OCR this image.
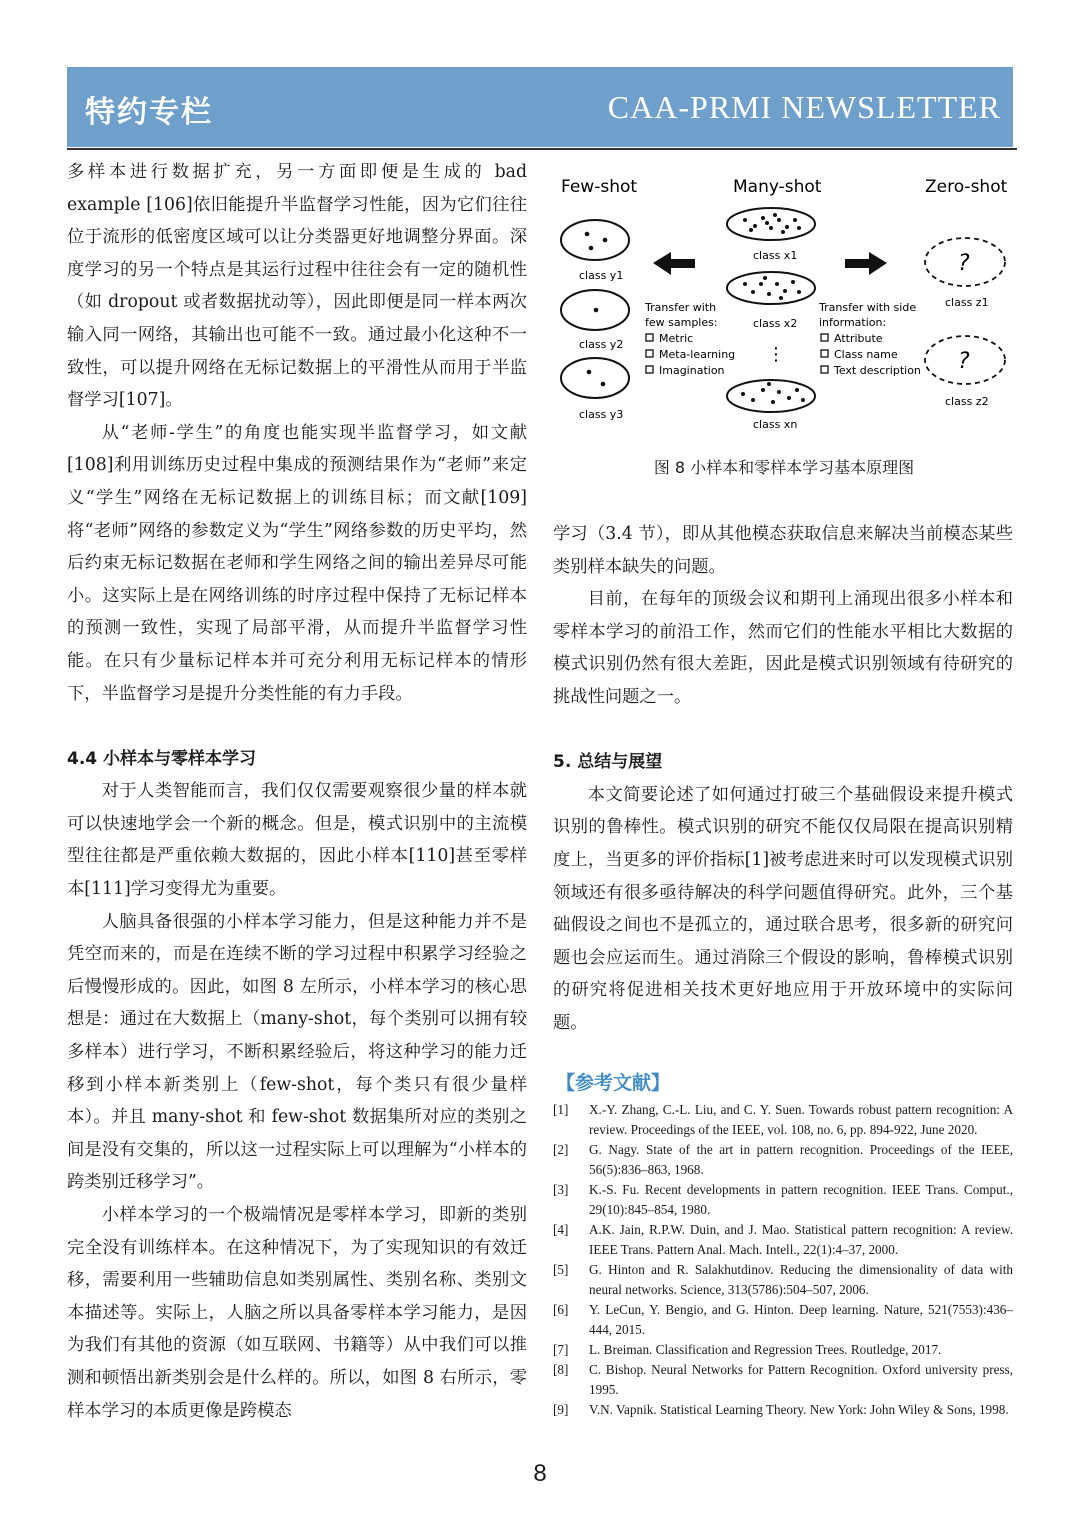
特约专栏	CAA-PRMI NEWSLETTER

多样本进行数据扩充，另一方面即便是生成的 bad example [106]依旧能提升半监督学习性能，因为它们往往位于流形的低密度区域可以让分类器更好地调整分界面。深度学习的另一个特点是其运行过程中往往会有一定的随机性（如 dropout 或者数据扰动等），因此即便是同一样本两次输入同一网络，其输出也可能不一致。通过最小化这种不一致性，可以提升网络在无标记数据上的平滑性从而用于半监督学习[107]。

从“老师-学生”的角度也能实现半监督学习，如文献[108]利用训练历史过程中集成的预测结果作为“老师”来定义“学生”网络在无标记数据上的训练目标；而文献[109]将“老师”网络的参数定义为“学生”网络参数的历史平均，然后约束无标记数据在老师和学生网络之间的输出差异尽可能小。这实际上是在网络训练的时序过程中保持了无标记样本的预测一致性，实现了局部平滑，从而提升半监督学习性能。在只有少量标记样本并可充分利用无标记样本的情形下，半监督学习是提升分类性能的有力手段。

4.4 小样本与零样本学习

对于人类智能而言，我们仅仅需要观察很少量的样本就可以快速地学会一个新的概念。但是，模式识别中的主流模型往往都是严重依赖大数据的，因此小样本[110]甚至零样本[111]学习变得尤为重要。

人脑具备很强的小样本学习能力，但是这种能力并不是凭空而来的，而是在连续不断的学习过程中积累学习经验之后慢慢形成的。因此，如图 8 左所示，小样本学习的核心思想是：通过在大数据上（many-shot，每个类别可以拥有较多样本）进行学习，不断积累经验后，将这种学习的能力迁移到小样本新类别上（few-shot，每个类只有很少量样本）。并且 many-shot 和 few-shot 数据集所对应的类别之间是没有交集的，所以这一过程实际上可以理解为“小样本的跨类别迁移学习”。

小样本学习的一个极端情况是零样本学习，即新的类别完全没有训练样本。在这种情况下，为了实现知识的有效迁移，需要利用一些辅助信息如类别属性、类别名称、类别文本描述等。实际上，人脑之所以具备零样本学习能力，是因为我们有其他的资源（如互联网、书籍等）从中我们可以推测和顿悟出新类别会是什么样的。所以，如图 8 右所示，零样本学习的本质更像是跨模态

Few-shot	Many-shot	Zero-shot
class y1
class y2
class y3
class x1
class x2
⋮
class xn
Transfer with
few samples:
Metric
Meta-learning
Imagination
Transfer with side
information:
Attribute
Class name
Text description
?
class z1
?
class z2
图 8 小样本和零样本学习基本原理图

学习（3.4 节），即从其他模态获取信息来解决当前模态某些类别样本缺失的问题。

目前，在每年的顶级会议和期刊上涌现出很多小样本和零样本学习的前沿工作，然而它们的性能水平相比大数据的模式识别仍然有很大差距，因此是模式识别领域有待研究的挑战性问题之一。

5. 总结与展望

本文简要论述了如何通过打破三个基础假设来提升模式识别的鲁棒性。模式识别的研究不能仅仅局限在提高识别精度上，当更多的评价指标[1]被考虑进来时可以发现模式识别领域还有很多亟待解决的科学问题值得研究。此外，三个基础假设之间也不是孤立的，通过联合思考，很多新的研究问题也会应运而生。通过消除三个假设的影响，鲁棒模式识别的研究将促进相关技术更好地应用于开放环境中的实际问题。

【参考文献】
[1] X.-Y. Zhang, C.-L. Liu, and C. Y. Suen. Towards robust pattern recognition: A review. Proceedings of the IEEE, vol. 108, no. 6, pp. 894-922, June 2020.
[2] G. Nagy. State of the art in pattern recognition. Proceedings of the IEEE, 56(5):836–863, 1968.
[3] K.-S. Fu. Recent developments in pattern recognition. IEEE Trans. Comput., 29(10):845–854, 1980.
[4] A.K. Jain, R.P.W. Duin, and J. Mao. Statistical pattern recognition: A review. IEEE Trans. Pattern Anal. Mach. Intell., 22(1):4–37, 2000.
[5] G. Hinton and R. Salakhutdinov. Reducing the dimensionality of data with neural networks. Science, 313(5786):504–507, 2006.
[6] Y. LeCun, Y. Bengio, and G. Hinton. Deep learning. Nature, 521(7553):436–444, 2015.
[7] L. Breiman. Classification and Regression Trees. Routledge, 2017.
[8] C. Bishop. Neural Networks for Pattern Recognition. Oxford university press, 1995.
[9] V.N. Vapnik. Statistical Learning Theory. New York: John Wiley & Sons, 1998.
8
